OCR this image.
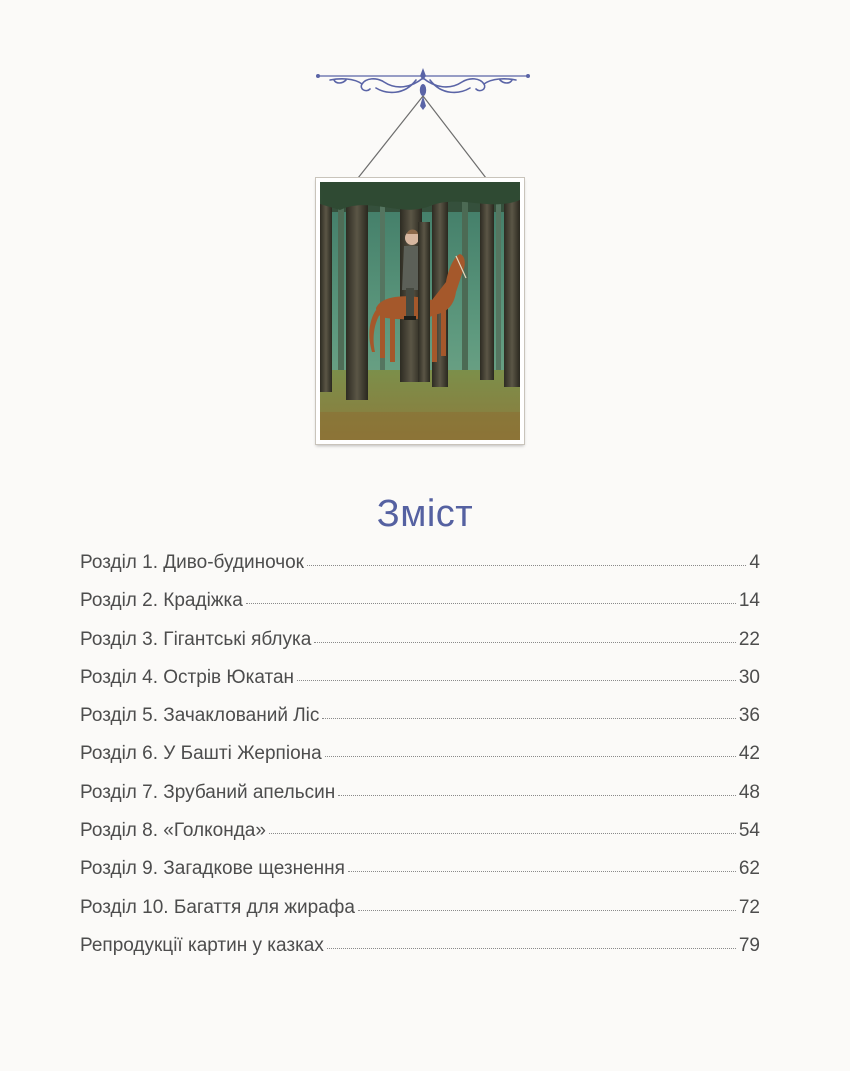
Зміст
Розділ 1. Диво-будиночок	4
Розділ 2. Крадіжка	14
Розділ 3. Гігантські яблука	22
Розділ 4. Острів Юкатан	30
Розділ 5. Зачаклований Ліс	36
Розділ 6. У Башті Жерпіона	42
Розділ 7. Зрубаний апельсин	48
Розділ 8. «Голконда»	54
Розділ 9. Загадкове щезнення	62
Розділ 10. Багаття для жирафа	72
Репродукції картин у казках	79
